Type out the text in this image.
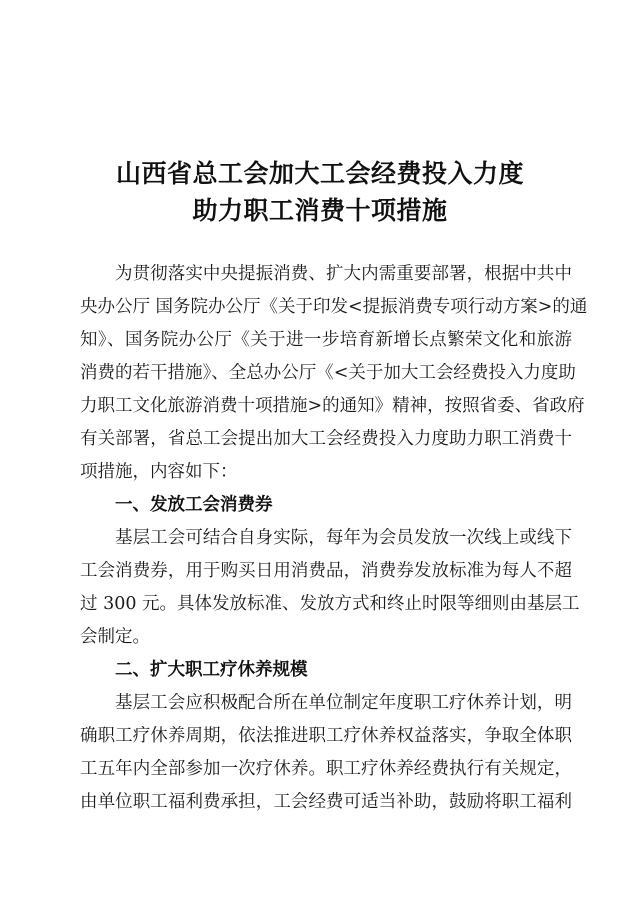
山西省总工会加大工会经费投入力度
助力职工消费十项措施
为贯彻落实中央提振消费、扩大内需重要部署，根据中共中
央办公厅 国务院办公厅《关于印发<提振消费专项行动方案>的通
知》、国务院办公厅《关于进一步培育新增长点繁荣文化和旅游
消费的若干措施》、全总办公厅《<关于加大工会经费投入力度助
力职工文化旅游消费十项措施>的通知》精神，按照省委、省政府
有关部署，省总工会提出加大工会经费投入力度助力职工消费十
项措施，内容如下：
一、发放工会消费券
基层工会可结合自身实际，每年为会员发放一次线上或线下
工会消费券，用于购买日用消费品，消费券发放标准为每人不超
过 300 元。具体发放标准、发放方式和终止时限等细则由基层工
会制定。
二、扩大职工疗休养规模
基层工会应积极配合所在单位制定年度职工疗休养计划，明
确职工疗休养周期，依法推进职工疗休养权益落实，争取全体职
工五年内全部参加一次疗休养。职工疗休养经费执行有关规定，
由单位职工福利费承担，工会经费可适当补助，鼓励将职工福利
